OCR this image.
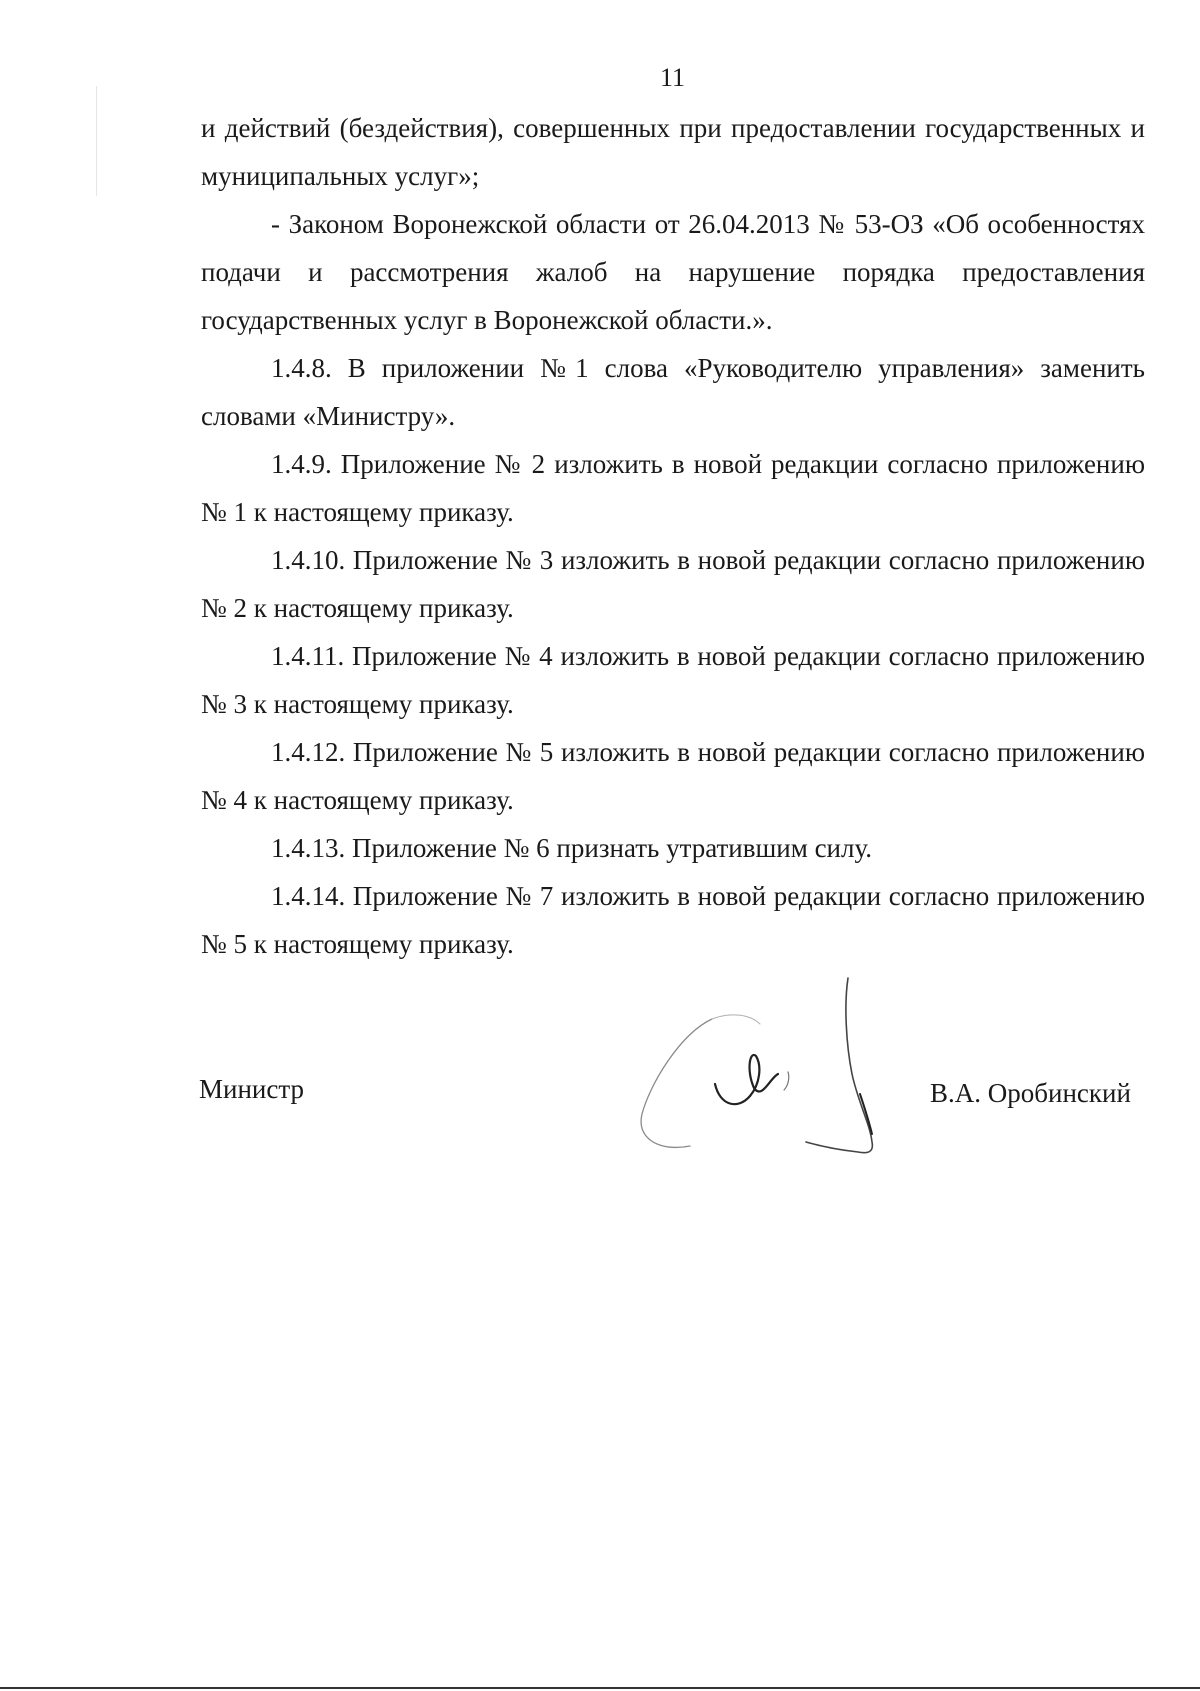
11

и действий (бездействия), совершенных при предоставлении государственных и муниципальных услуг»;

- Законом Воронежской области от 26.04.2013 № 53-ОЗ «Об особенностях подачи и рассмотрения жалоб на нарушение порядка предоставления государственных услуг в Воронежской области.».

1.4.8. В приложении №1 слова «Руководителю управления» заменить словами «Министру».

1.4.9. Приложение № 2 изложить в новой редакции согласно приложению № 1 к настоящему приказу.

1.4.10. Приложение № 3 изложить в новой редакции согласно приложению № 2 к настоящему приказу.

1.4.11. Приложение № 4 изложить в новой редакции согласно приложению № 3 к настоящему приказу.

1.4.12. Приложение № 5 изложить в новой редакции согласно приложению № 4 к настоящему приказу.

1.4.13. Приложение № 6 признать утратившим силу.

1.4.14. Приложение № 7 изложить в новой редакции согласно приложению № 5 к настоящему приказу.

Министр	В.А. Оробинский
